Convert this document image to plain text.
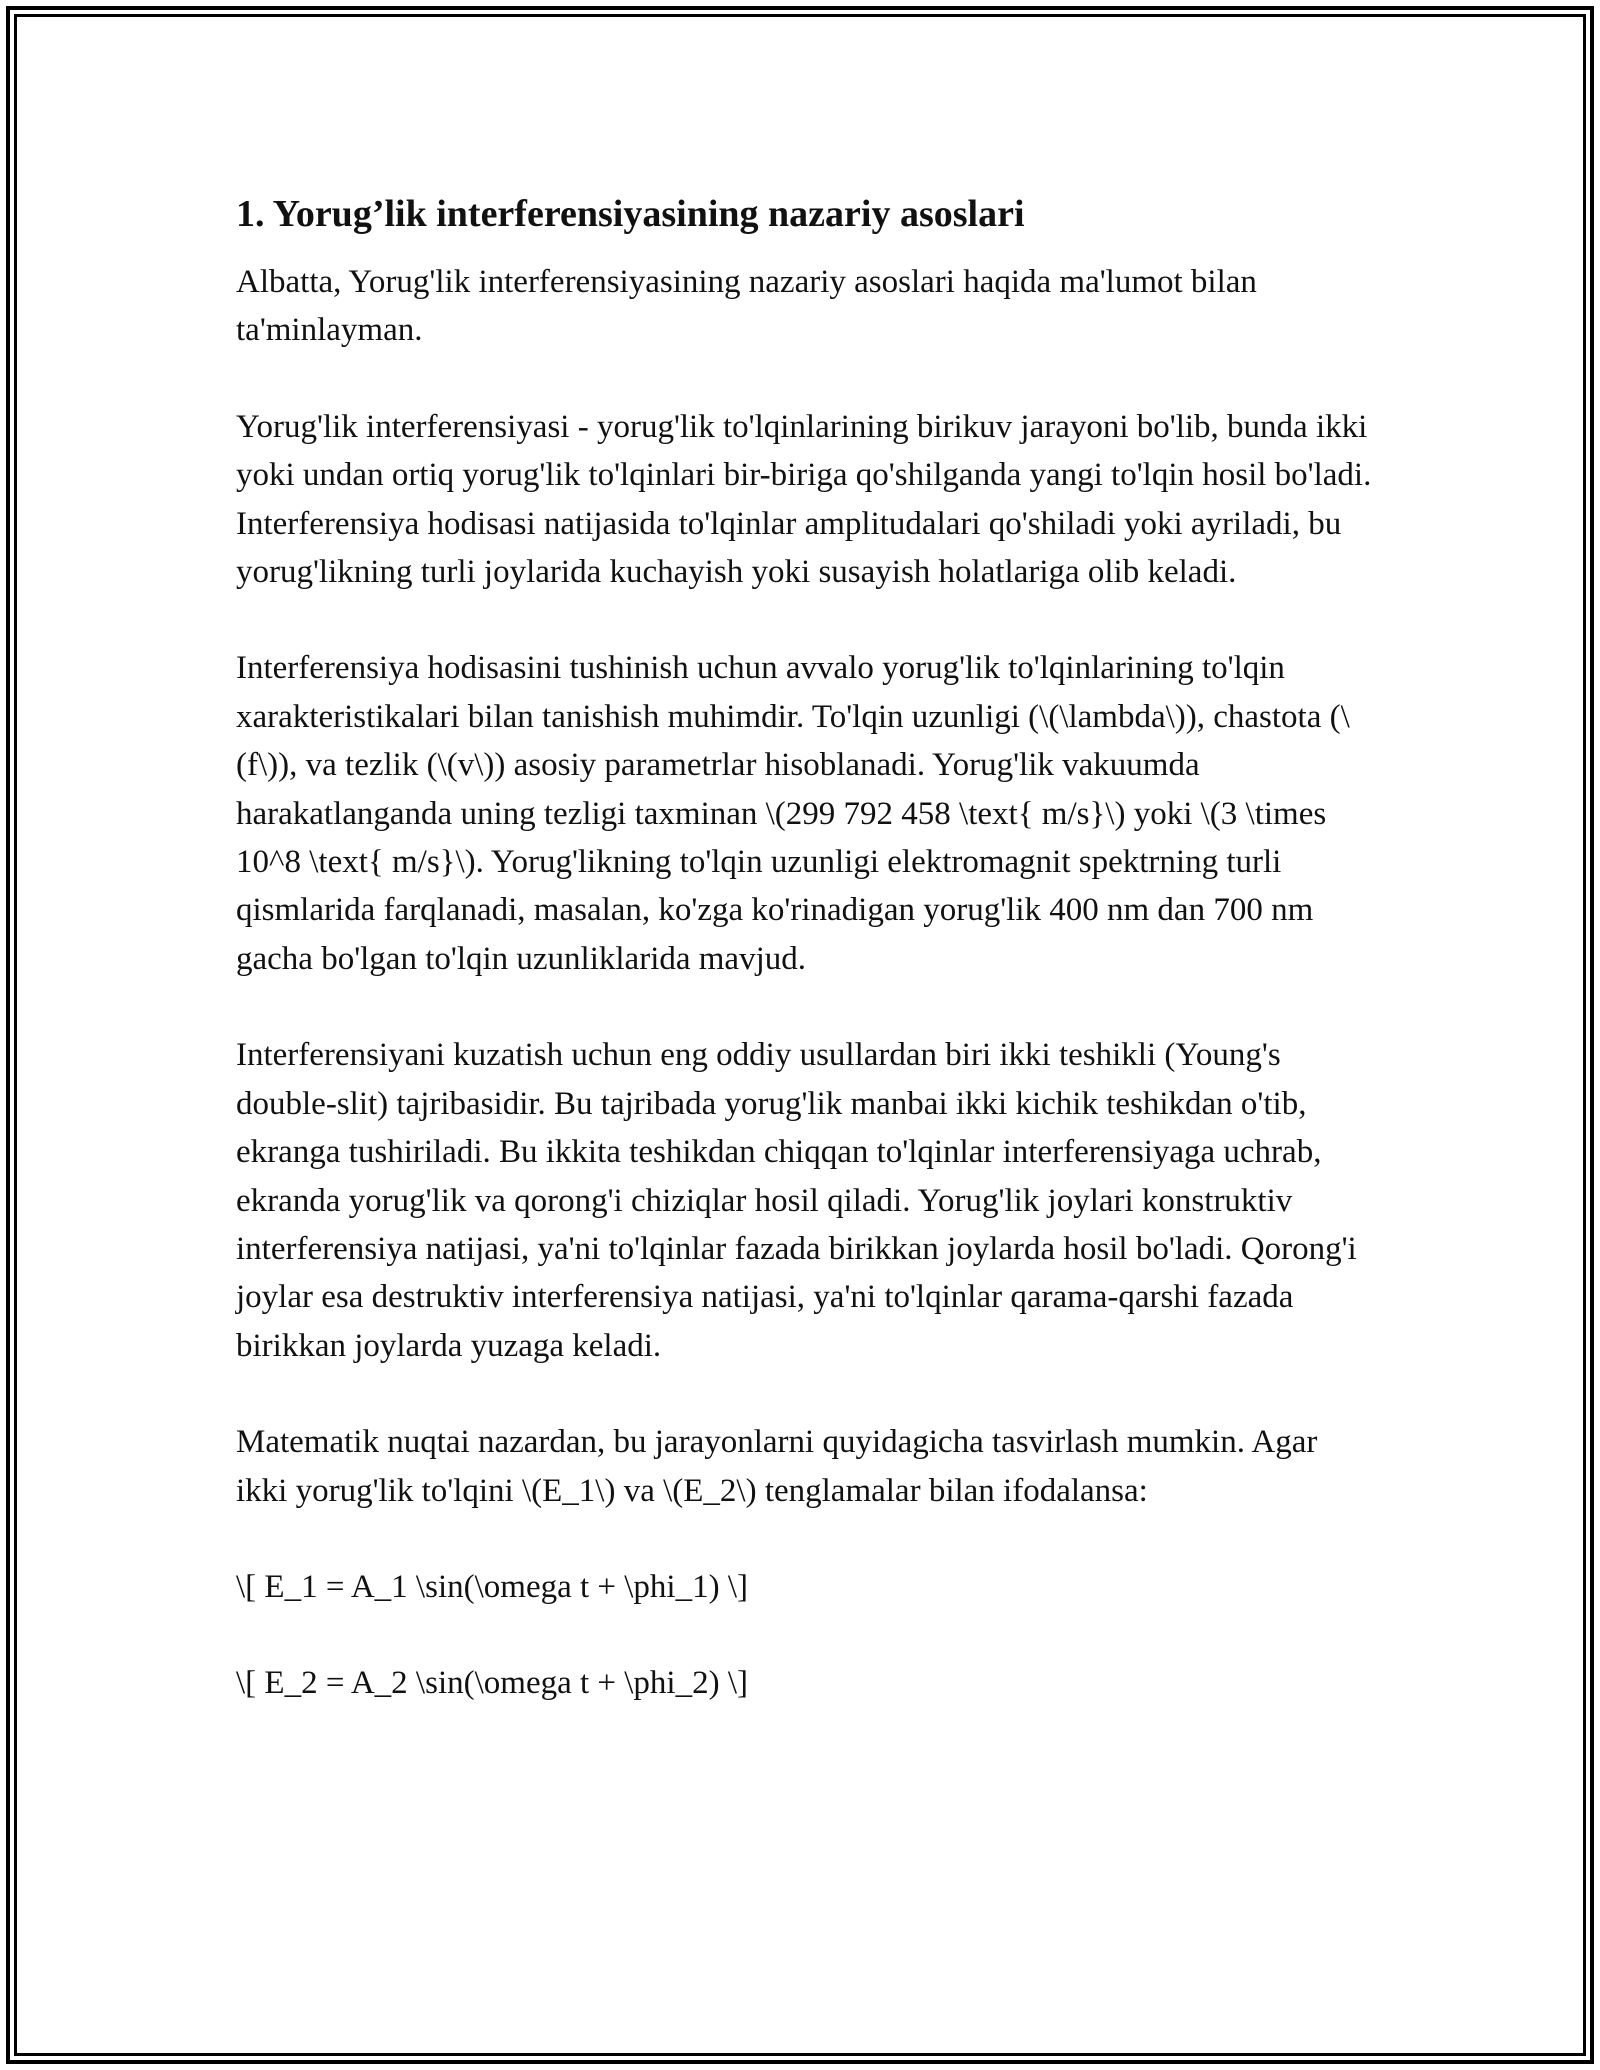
1. Yorug’lik interferensiyasining nazariy asoslari

Albatta, Yorug'lik interferensiyasining nazariy asoslari haqida ma'lumot bilan ta'minlayman.

Yorug'lik interferensiyasi - yorug'lik to'lqinlarining birikuv jarayoni bo'lib, bunda ikki yoki undan ortiq yorug'lik to'lqinlari bir-biriga qo'shilganda yangi to'lqin hosil bo'ladi. Interferensiya hodisasi natijasida to'lqinlar amplitudalari qo'shiladi yoki ayriladi, bu yorug'likning turli joylarida kuchayish yoki susayish holatlariga olib keladi.

Interferensiya hodisasini tushinish uchun avvalo yorug'lik to'lqinlarining to'lqin xarakteristikalari bilan tanishish muhimdir. To'lqin uzunligi (\(\lambda\)), chastota (\(f\)), va tezlik (\(v\)) asosiy parametrlar hisoblanadi. Yorug'lik vakuumda harakatlanganda uning tezligi taxminan \(299 792 458 \text{ m/s}\) yoki \(3 \times 10^8 \text{ m/s}\). Yorug'likning to'lqin uzunligi elektromagnit spektrning turli qismlarida farqlanadi, masalan, ko'zga ko'rinadigan yorug'lik 400 nm dan 700 nm gacha bo'lgan to'lqin uzunliklarida mavjud.

Interferensiyani kuzatish uchun eng oddiy usullardan biri ikki teshikli (Young's double-slit) tajribasidir. Bu tajribada yorug'lik manbai ikki kichik teshikdan o'tib, ekranga tushiriladi. Bu ikkita teshikdan chiqqan to'lqinlar interferensiyaga uchrab, ekranda yorug'lik va qorong'i chiziqlar hosil qiladi. Yorug'lik joylari konstruktiv interferensiya natijasi, ya'ni to'lqinlar fazada birikkan joylarda hosil bo'ladi. Qorong'i joylar esa destruktiv interferensiya natijasi, ya'ni to'lqinlar qarama-qarshi fazada birikkan joylarda yuzaga keladi.

Matematik nuqtai nazardan, bu jarayonlarni quyidagicha tasvirlash mumkin. Agar ikki yorug'lik to'lqini \(E_1\) va \(E_2\) tenglamalar bilan ifodalansa:

\[ E_1 = A_1 \sin(\omega t + \phi_1) \]

\[ E_2 = A_2 \sin(\omega t + \phi_2) \]
